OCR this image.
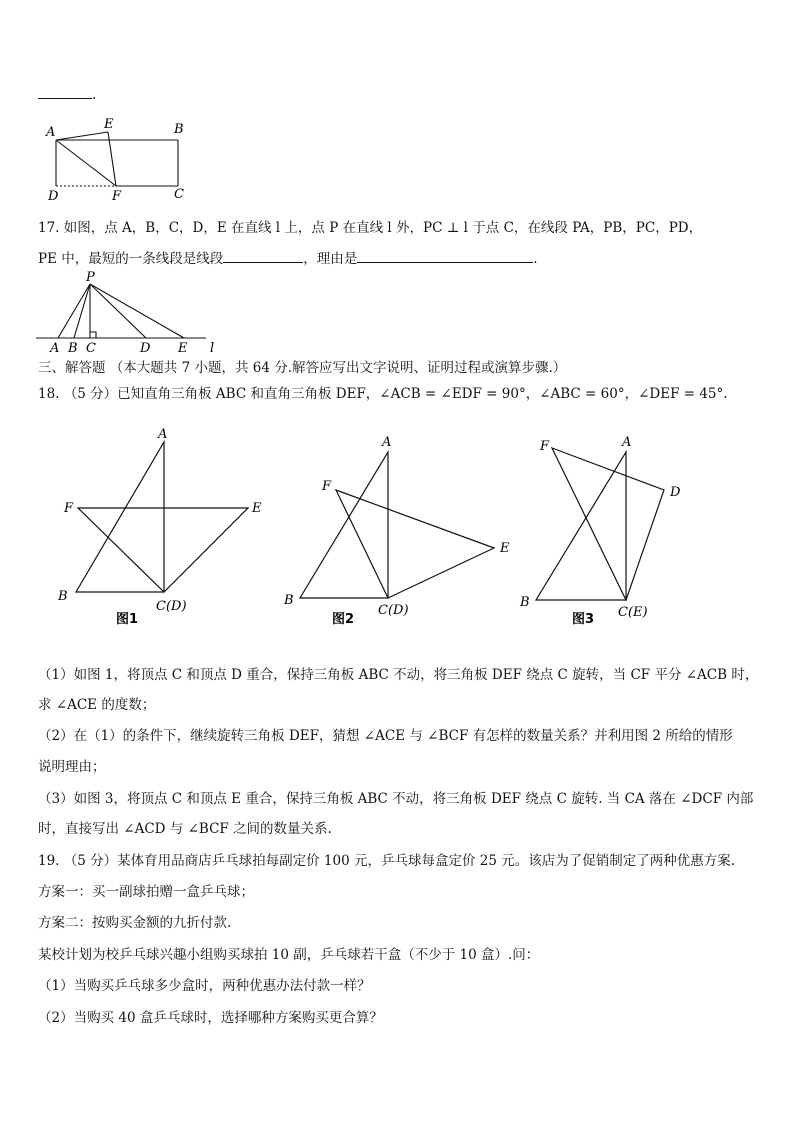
.
A
E	B
D	F	C
17. 如图，点 A，B，C，D，E 在直线 l 上，点 P 在直线 l 外，PC ⊥ l 于点 C，在线段 PA，PB，PC，PD，
PE 中，最短的一条线段是线段	，理由是	.
P
A B C	D E l
三、解答题 （本大题共 7 小题，共 64 分.解答应写出文字说明、证明过程或演算步骤.）
18. （5 分）已知直角三角板 ABC 和直角三角板 DEF，∠ACB = ∠EDF = 90°，∠ABC = 60°，∠DEF = 45°.
A
F	E
B
C(D)
图1
A
F
E
B
C(D)
图2
A
F
D
B
C(E)
图3
（1）如图 1，将顶点 C 和顶点 D 重合，保持三角板 ABC 不动，将三角板 DEF 绕点 C 旋转，当 CF 平分 ∠ACB 时，
求 ∠ACE 的度数；
（2）在（1）的条件下，继续旋转三角板 DEF，猜想 ∠ACE 与 ∠BCF 有怎样的数量关系？并利用图 2 所给的情形
说明理由；
（3）如图 3，将顶点 C 和顶点 E 重合，保持三角板 ABC 不动，将三角板 DEF 绕点 C 旋转. 当 CA 落在 ∠DCF 内部
时，直接写出 ∠ACD 与 ∠BCF 之间的数量关系.
19. （5 分）某体育用品商店乒乓球拍每副定价 100 元，乒乓球每盒定价 25 元。该店为了促销制定了两种优惠方案.
方案一：买一副球拍赠一盒乒乓球；
方案二：按购买金额的九折付款.
某校计划为校乒乓球兴趣小组购买球拍 10 副，乒乓球若干盒（不少于 10 盒）.问：
（1）当购买乒乓球多少盒时，两种优惠办法付款一样？
（2）当购买 40 盒乒乓球时，选择哪种方案购买更合算？
